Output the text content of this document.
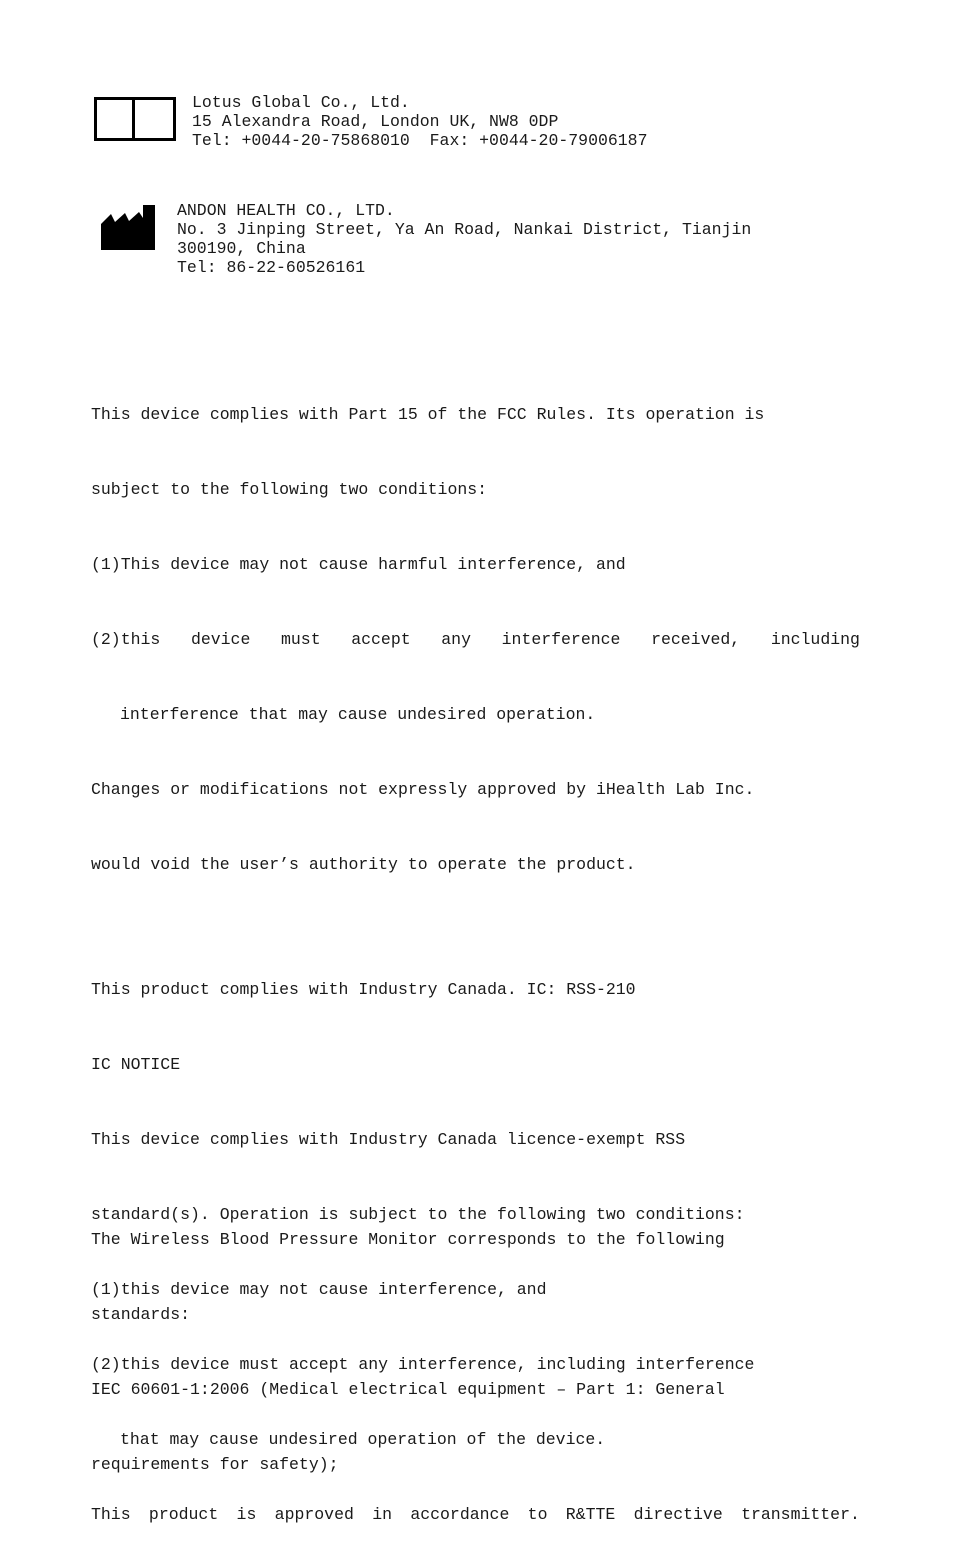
Lotus Global Co., Ltd.
15 Alexandra Road, London UK, NW8 0DP
Tel: +0044-20-75868010  Fax: +0044-20-79006187
ANDON HEALTH CO., LTD.
No. 3 Jinping Street, Ya An Road, Nankai District, Tianjin
300190, China
Tel: 86-22-60526161

This device complies with Part 15 of the FCC Rules. Its operation is

subject to the following two conditions:

(1)This device may not cause harmful interference, and

(2)this device must accept any interference received, including

interference that may cause undesired operation.

Changes or modifications not expressly approved by iHealth Lab Inc.

would void the user’s authority to operate the product.

This product complies with Industry Canada. IC: RSS-210

IC NOTICE

This device complies with Industry Canada licence-exempt RSS

standard(s). Operation is subject to the following two conditions:

(1)this device may not cause interference, and

(2)this device must accept any interference, including interference

that may cause undesired operation of the device.

This product is approved in accordance to R&TTE directive transmitter.

The Wireless Blood Pressure Monitor corresponds to the following

standards:

IEC 60601-1:2006 (Medical electrical equipment – Part 1: General

requirements for safety);
